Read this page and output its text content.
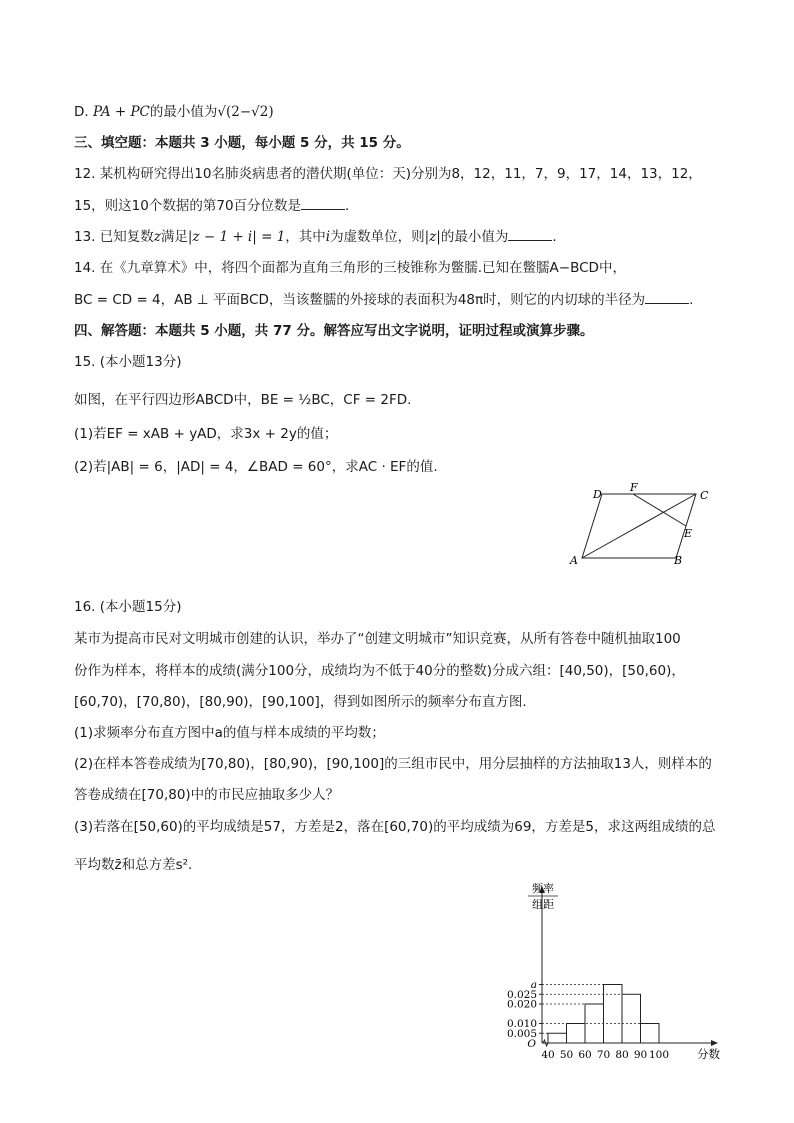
D. PA + PC的最小值为√(2−√2)
三、填空题：本题共 3 小题，每小题 5 分，共 15 分。
12. 某机构研究得出10名肺炎病患者的潜伏期(单位：天)分别为8，12，11，7，9，17，14，13，12，
15，则这10个数据的第70百分位数是	.
13. 已知复数z满足|z − 1 + i| = 1，其中i为虚数单位，则|z|的最小值为	.
14. 在《九章算术》中，将四个面都为直角三角形的三棱锥称为鳖臑.已知在鳖臑A−BCD中，
BC = CD = 4，AB ⊥ 平面BCD，当该鳖臑的外接球的表面积为48π时，则它的内切球的半径为	.
四、解答题：本题共 5 小题，共 77 分。解答应写出文字说明，证明过程或演算步骤。
15. (本小题13分)
如图，在平行四边形ABCD中，BE = ½BC，CF = 2FD.
(1)若EF = xAB + yAD，求3x + 2y的值；
(2)若|AB| = 6，|AD| = 4，∠BAD = 60°，求AC · EF的值.
A	B
C
D
E
F
16. (本小题15分)
某市为提高市民对文明城市创建的认识，举办了“创建文明城市”知识竞赛，从所有答卷中随机抽取100
份作为样本，将样本的成绩(满分100分，成绩均为不低于40分的整数)分成六组：[40,50)，[50,60)，
[60,70)，[70,80)，[80,90)，[90,100]，得到如图所示的频率分布直方图.
(1)求频率分布直方图中a的值与样本成绩的平均数；
(2)在样本答卷成绩为[70,80)，[80,90)，[90,100]的三组市民中，用分层抽样的方法抽取13人，则样本的
答卷成绩在[70,80)中的市民应抽取多少人？
(3)若落在[50,60)的平均成绩是57，方差是2，落在[60,70)的平均成绩为69，方差是5，求这两组成绩的总
平均数z̄和总方差s².
0.005
0.010
0.020
0.025
a
40 50 60 70 80 90 100
O
频率
组距
分数
